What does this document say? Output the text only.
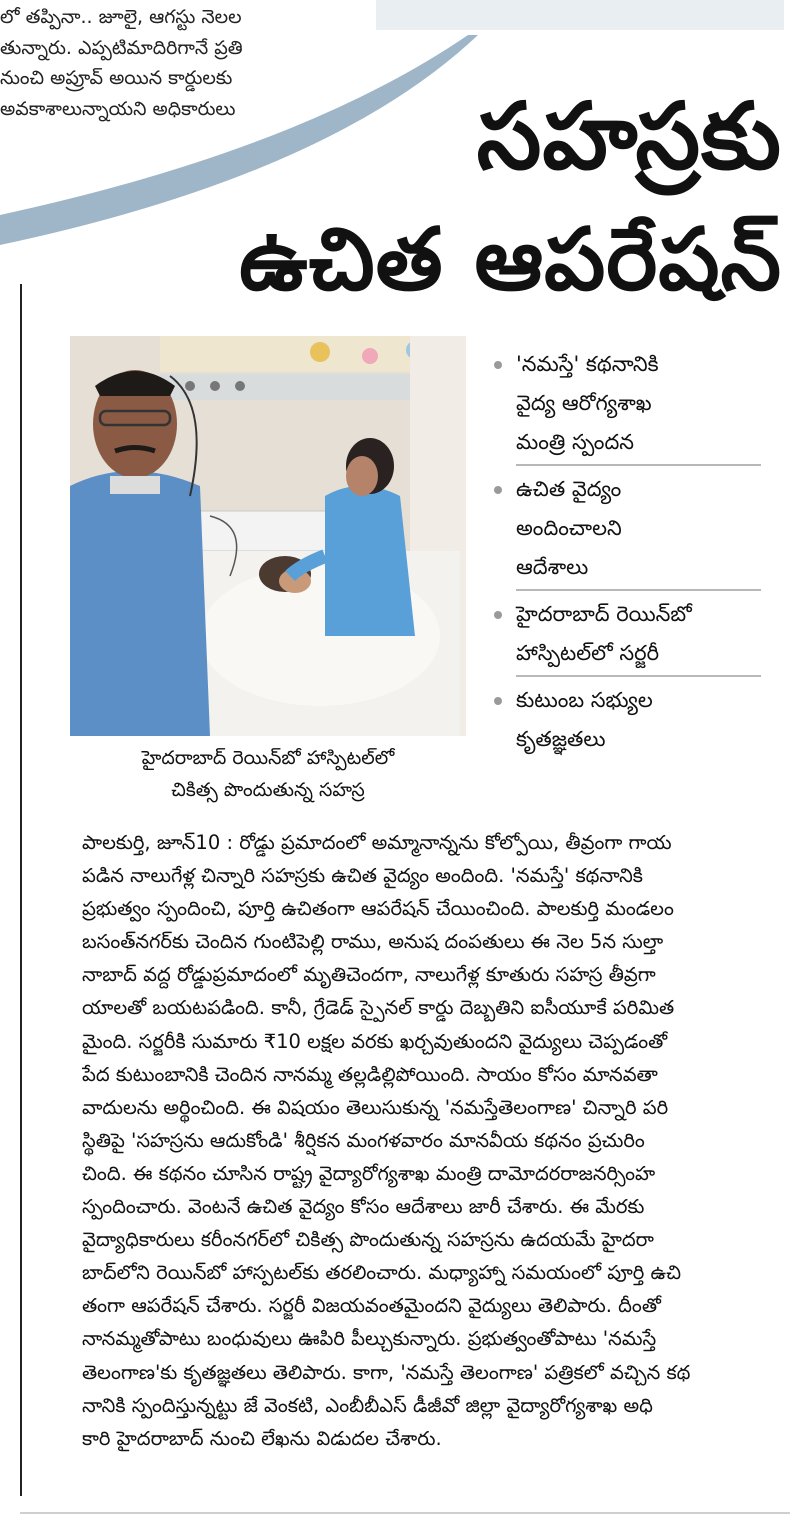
లో తప్పినా.. జూలై, ఆగస్టు నెలల
తున్నారు. ఎప్పటిమాదిరిగానే ప్రతి
నుంచి అప్రూవ్ అయిన కార్డులకు
అవకాశాలున్నాయని అధికారులు	సహస్రకు
ఉచిత ఆపరేషన్
హైదరాబాద్ రెయిన్‌బో హాస్పిటల్‌లో
చికిత్స పొందుతున్న సహస్ర
'నమస్తే' కథనానికి
వైద్య ఆరోగ్యశాఖ
మంత్రి స్పందన
ఉచిత వైద్యం
అందించాలని
ఆదేశాలు
హైదరాబాద్ రెయిన్‌బో
హాస్పిటల్‌లో సర్జరీ
కుటుంబ సభ్యుల
కృతజ్ఞతలు
పాలకుర్తి, జూన్10 : రోడ్డు ప్రమాదంలో అమ్మానాన్నను కోల్పోయి, తీవ్రంగా గాయ
పడిన నాలుగేళ్ల చిన్నారి సహస్రకు ఉచిత వైద్యం అందింది. 'నమస్తే' కథనానికి
ప్రభుత్వం స్పందించి, పూర్తి ఉచితంగా ఆపరేషన్ చేయించింది. పాలకుర్తి మండలం
బసంత్‌నగర్‌కు చెందిన గుంటిపెల్లి రాము, అనుష దంపతులు ఈ నెల 5న సుల్తా
నాబాద్ వద్ద రోడ్డుప్రమాదంలో మృతిచెందగా, నాలుగేళ్ల కూతురు సహస్ర తీవ్రగా
యాలతో బయటపడింది. కానీ, గ్రేడెడ్ స్పైనల్ కార్డు దెబ్బతిని ఐసీయూకే పరిమిత
మైంది. సర్జరీకి సుమారు ₹10 లక్షల వరకు ఖర్చవుతుందని వైద్యులు చెప్పడంతో
పేద కుటుంబానికి చెందిన నానమ్మ తల్లడిల్లిపోయింది. సాయం కోసం మానవతా
వాదులను అర్థించింది. ఈ విషయం తెలుసుకున్న 'నమస్తేతెలంగాణ' చిన్నారి పరి
స్థితిపై 'సహస్రను ఆదుకోండి' శీర్షికన మంగళవారం మానవీయ కథనం ప్రచురిం
చింది. ఈ కథనం చూసిన రాష్ట్ర వైద్యారోగ్యశాఖ మంత్రి దామోదరరాజనర్సింహ
స్పందించారు. వెంటనే ఉచిత వైద్యం కోసం ఆదేశాలు జారీ చేశారు. ఈ మేరకు
వైద్యాధికారులు కరీంనగర్‌లో చికిత్స పొందుతున్న సహస్రను ఉదయమే హైదరా
బాద్‌లోని రెయిన్‌బో హాస్పటల్‌కు తరలించారు. మధ్యాహ్నా సమయంలో పూర్తి ఉచి
తంగా ఆపరేషన్ చేశారు. సర్జరీ విజయవంతమైందని వైద్యులు తెలిపారు. దీంతో
నానమ్మతోపాటు బంధువులు ఊపిరి పీల్చుకున్నారు. ప్రభుత్వంతోపాటు 'నమస్తే
తెలంగాణ'కు కృతజ్ఞతలు తెలిపారు. కాగా, 'నమస్తే తెలంగాణ' పత్రికలో వచ్చిన కథ
నానికి స్పందిస్తున్నట్టు జే వెంకటి, ఎంబీబీఎస్ డీజీవో జిల్లా వైద్యారోగ్యశాఖ అధి
కారి హైదరాబాద్ నుంచి లేఖను విడుదల చేశారు.
